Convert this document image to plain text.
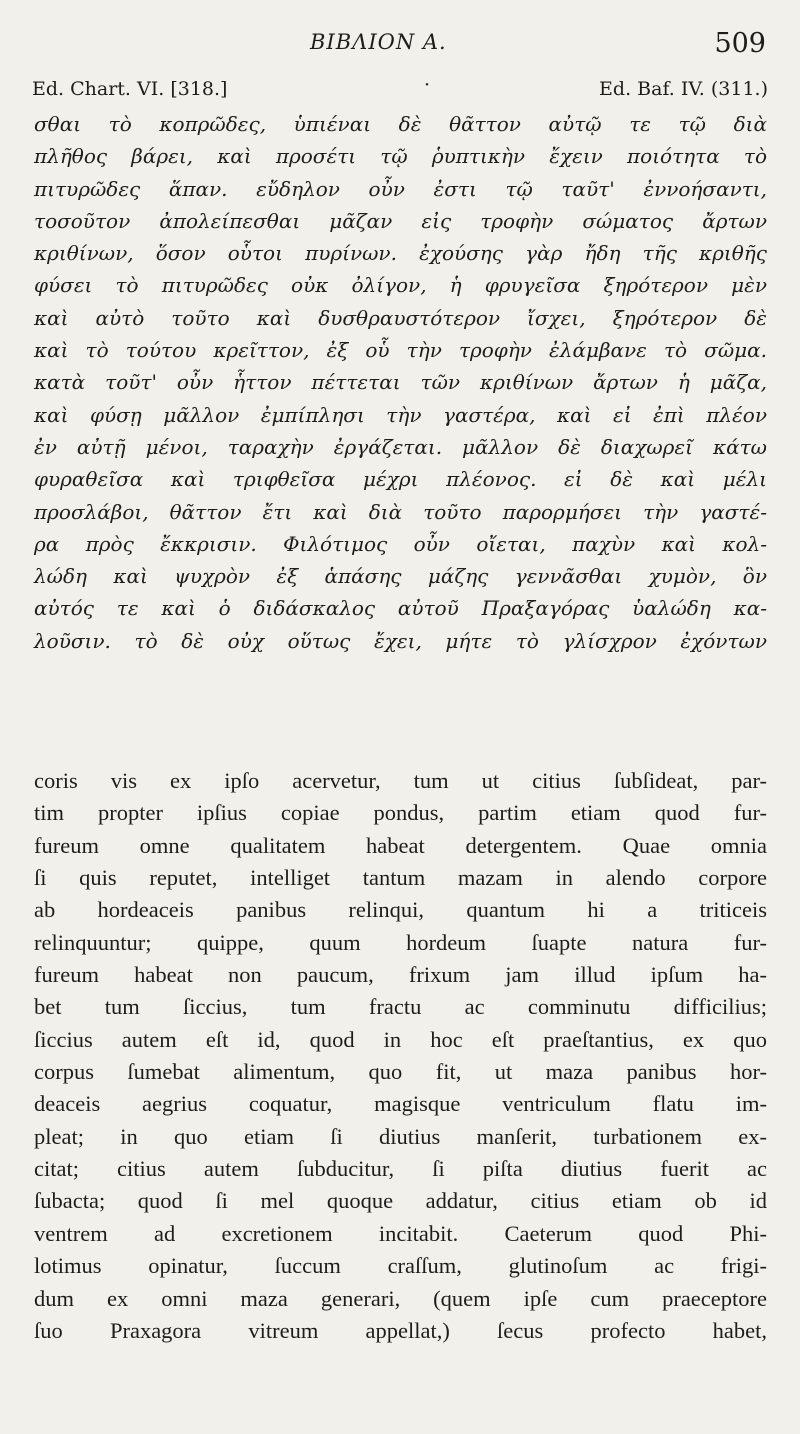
ΒΙΒΛΙΟΝ Α.	509
Ed. Chart. VI. [318.]	·	Ed. Baf. IV. (311.)
σθαι τὸ κοπρῶδες, ὑπιέναι δὲ θᾶττον αὐτῷ τε τῷ διὰ
πλῆθος βάρει, καὶ προσέτι τῷ ῥυπτικὴν ἔχειν ποιότητα τὸ
πιτυρῶδες ἅπαν. εὔδηλον οὖν ἐστι τῷ ταῦτ' ἐννοήσαντι,
τοσοῦτον ἀπολείπεσθαι μᾶζαν εἰς τροφὴν σώματος ἄρτων
κριθίνων, ὅσον οὗτοι πυρίνων. ἐχούσης γὰρ ἤδη τῆς κριθῆς
φύσει τὸ πιτυρῶδες οὐκ ὀλίγον, ἡ φρυγεῖσα ξηρότερον μὲν
καὶ αὐτὸ τοῦτο καὶ δυσθραυστότερον ἴσχει, ξηρότερον δὲ
καὶ τὸ τούτου κρεῖττον, ἐξ οὗ τὴν τροφὴν ἐλάμβανε τὸ σῶμα.
κατὰ τοῦτ' οὖν ἧττον πέττεται τῶν κριθίνων ἄρτων ἡ μᾶζα,
καὶ φύσῃ μᾶλλον ἐμπίπλησι τὴν γαστέρα, καὶ εἰ ἐπὶ πλέον
ἐν αὐτῇ μένοι, ταραχὴν ἐργάζεται. μᾶλλον δὲ διαχωρεῖ κάτω
φυραθεῖσα καὶ τριφθεῖσα μέχρι πλέονος. εἰ δὲ καὶ μέλι
προσλάβοι, θᾶττον ἔτι καὶ διὰ τοῦτο παρορμήσει τὴν γαστέ-
ρα πρὸς ἔκκρισιν. Φιλότιμος οὖν οἴεται, παχὺν καὶ κολ-
λώδη καὶ ψυχρὸν ἐξ ἁπάσης μάζης γεννᾶσθαι χυμὸν, ὃν
αὐτός τε καὶ ὁ διδάσκαλος αὐτοῦ Πραξαγόρας ὑαλώδη κα-
λοῦσιν. τὸ δὲ οὐχ οὕτως ἔχει, μήτε τὸ γλίσχρον ἐχόντων
coris vis ex ipſo acervetur, tum ut citius ſubſideat, par-
tim propter ipſius copiae pondus, partim etiam quod fur-
fureum omne qualitatem habeat detergentem. Quae omnia
ſi quis reputet, intelliget tantum mazam in alendo corpore
ab hordeaceis panibus relinqui, quantum hi a triticeis
relinquuntur; quippe, quum hordeum ſuapte natura fur-
fureum habeat non paucum, frixum jam illud ipſum ha-
bet tum ſiccius, tum fractu ac comminutu difficilius;
ſiccius autem eſt id, quod in hoc eſt praeſtantius, ex quo
corpus ſumebat alimentum, quo fit, ut maza panibus hor-
deaceis aegrius coquatur, magisque ventriculum flatu im-
pleat; in quo etiam ſi diutius manſerit, turbationem ex-
citat; citius autem ſubducitur, ſi piſta diutius fuerit ac
ſubacta; quod ſi mel quoque addatur, citius etiam ob id
ventrem ad excretionem incitabit. Caeterum quod Phi-
lotimus opinatur, ſuccum craſſum, glutinoſum ac frigi-
dum ex omni maza generari, (quem ipſe cum praeceptore
ſuo Praxagora vitreum appellat,) ſecus profecto habet,
